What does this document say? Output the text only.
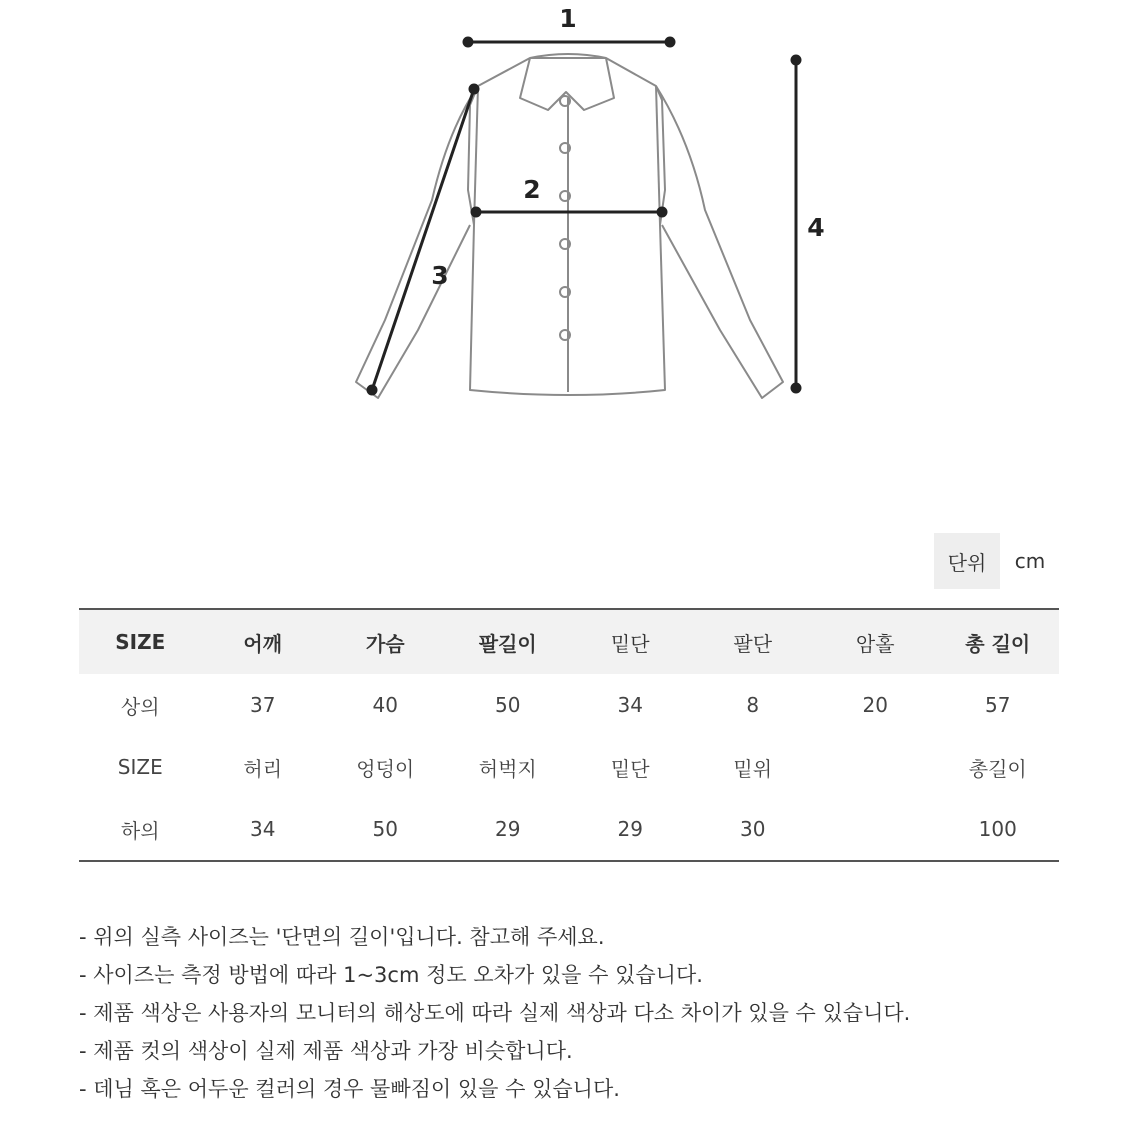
1
2
3
4
단위	cm
SIZE	어깨	가슴	팔길이	밑단	팔단	암홀	총 길이
상의	37	40	50	34	8	20	57
SIZE	허리	엉덩이	허벅지	밑단	밑위		총길이
하의	34	50	29	29	30		100
- 위의 실측 사이즈는 '단면의 길이'입니다. 참고해 주세요.
- 사이즈는 측정 방법에 따라 1~3cm 정도 오차가 있을 수 있습니다.
- 제품 색상은 사용자의 모니터의 해상도에 따라 실제 색상과 다소 차이가 있을 수 있습니다.
- 제품 컷의 색상이 실제 제품 색상과 가장 비슷합니다.
- 데님 혹은 어두운 컬러의 경우 물빠짐이 있을 수 있습니다.
